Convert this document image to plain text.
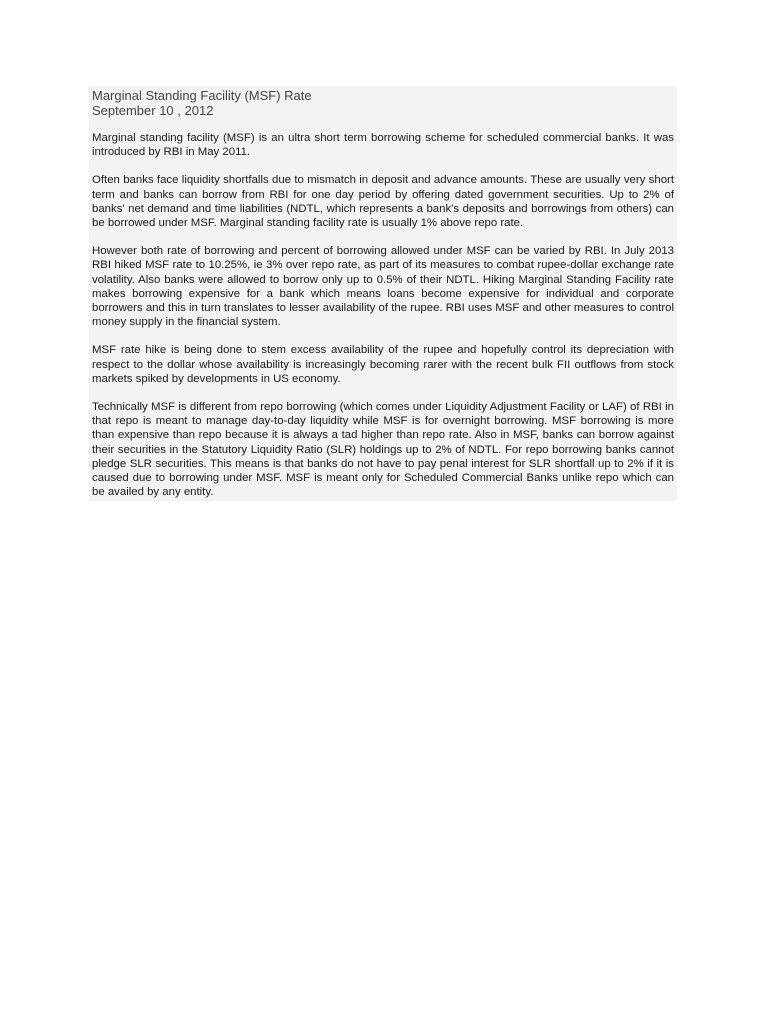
Marginal Standing Facility (MSF) Rate

September 10 , 2012

Marginal standing facility (MSF) is an ultra short term borrowing scheme for scheduled commercial banks. It was introduced by RBI in May 2011.

Often banks face liquidity shortfalls due to mismatch in deposit and advance amounts. These are usually very short term and banks can borrow from RBI for one day period by offering dated government securities. Up to 2% of banks' net demand and time liabilities (NDTL, which represents a bank's deposits and borrowings from others) can be borrowed under MSF. Marginal standing facility rate is usually 1% above repo rate.

However both rate of borrowing and percent of borrowing allowed under MSF can be varied by RBI. In July 2013 RBI hiked MSF rate to 10.25%, ie 3% over repo rate, as part of its measures to combat rupee-dollar exchange rate volatility. Also banks were allowed to borrow only up to 0.5% of their NDTL. Hiking Marginal Standing Facility rate makes borrowing expensive for a bank which means loans become expensive for individual and corporate borrowers and this in turn translates to lesser availability of the rupee. RBI uses MSF and other measures to control money supply in the financial system.

MSF rate hike is being done to stem excess availability of the rupee and hopefully control its depreciation with respect to the dollar whose availability is increasingly becoming rarer with the recent bulk FII outflows from stock markets spiked by developments in US economy.

Technically MSF is different from repo borrowing (which comes under Liquidity Adjustment Facility or LAF) of RBI in that repo is meant to manage day-to-day liquidity while MSF is for overnight borrowing. MSF borrowing is more than expensive than repo because it is always a tad higher than repo rate. Also in MSF, banks can borrow against their securities in the Statutory Liquidity Ratio (SLR) holdings up to 2% of NDTL. For repo borrowing banks cannot pledge SLR securities. This means is that banks do not have to pay penal interest for SLR shortfall up to 2% if it is caused due to borrowing under MSF. MSF is meant only for Scheduled Commercial Banks unlike repo which can be availed by any entity.
